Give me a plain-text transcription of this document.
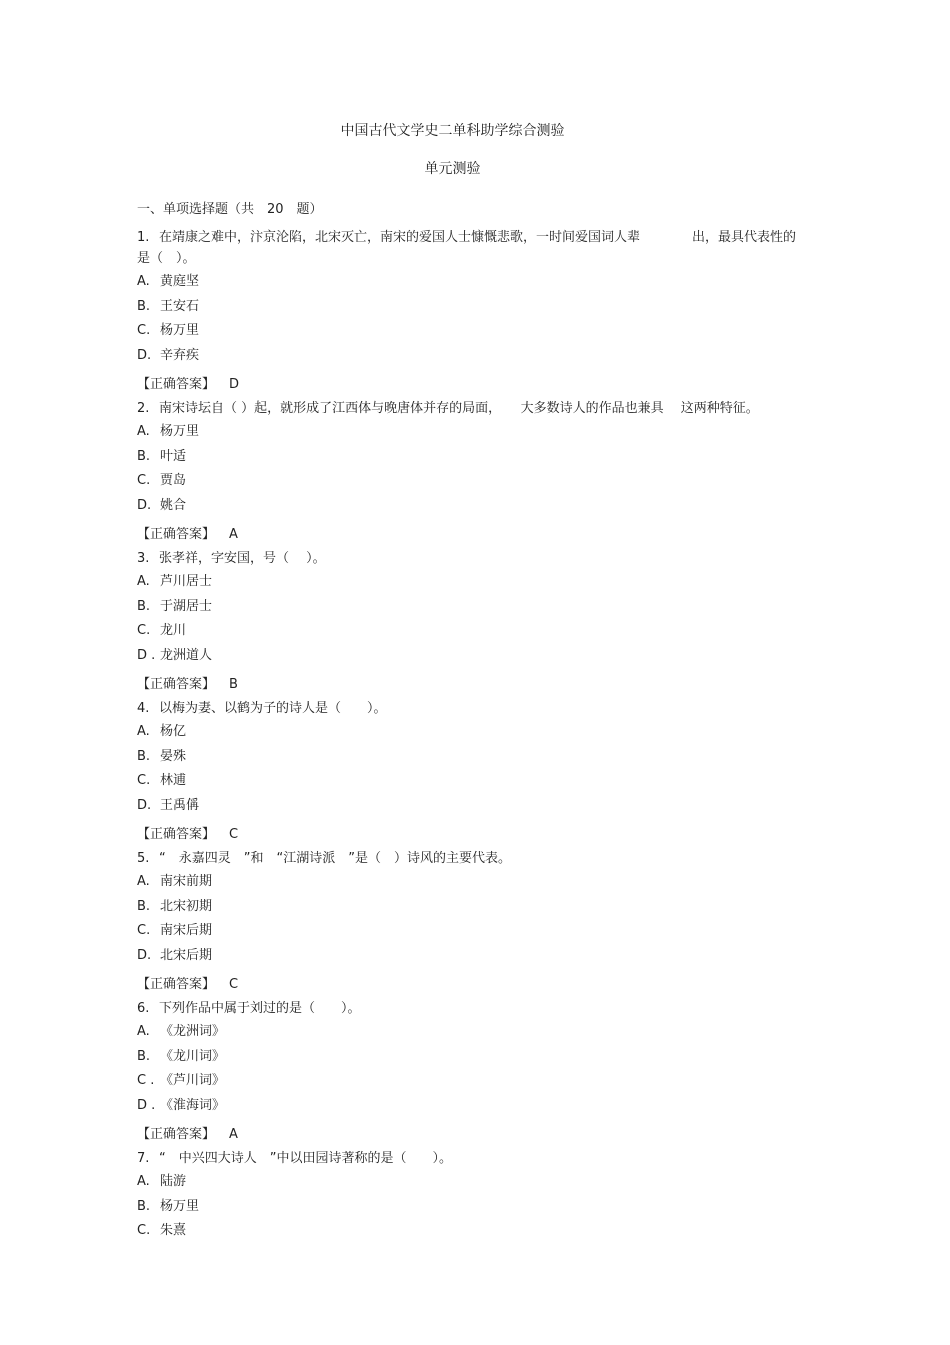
中国古代文学史二单科助学综合测验
单元测验
一、单项选择题（共　20　题）
1. 在靖康之难中，汴京沦陷，北宋灭亡，南宋的爱国人士慷慨悲歌，一时间爱国词人辈　　　　出，最具代表性的是（　）。
A. 黄庭坚
B. 王安石
C. 杨万里
D. 辛弃疾
【正确答案】 D
2. 南宋诗坛自（ ）起，就形成了江西体与晚唐体并存的局面，　　大多数诗人的作品也兼具　 这两种特征。
A. 杨万里
B. 叶适
C. 贾岛
D. 姚合
【正确答案】 A
3. 张孝祥，字安国，号（　 ）。
A. 芦川居士
B. 于湖居士
C. 龙川
D . 龙洲道人
【正确答案】 B
4. 以梅为妻、以鹤为子的诗人是（　　）。
A. 杨亿
B. 晏殊
C. 林逋
D. 王禹偁
【正确答案】 C
5. “　永嘉四灵　”和　“江湖诗派　”是（　）诗风的主要代表。
A. 南宋前期
B. 北宋初期
C. 南宋后期
D. 北宋后期
【正确答案】 C
6. 下列作品中属于刘过的是（　　）。
A. 《龙洲词》
B. 《龙川词》
C . 《芦川词》
D . 《淮海词》
【正确答案】 A
7. “　中兴四大诗人　”中以田园诗著称的是（　　）。
A. 陆游
B. 杨万里
C. 朱熹
